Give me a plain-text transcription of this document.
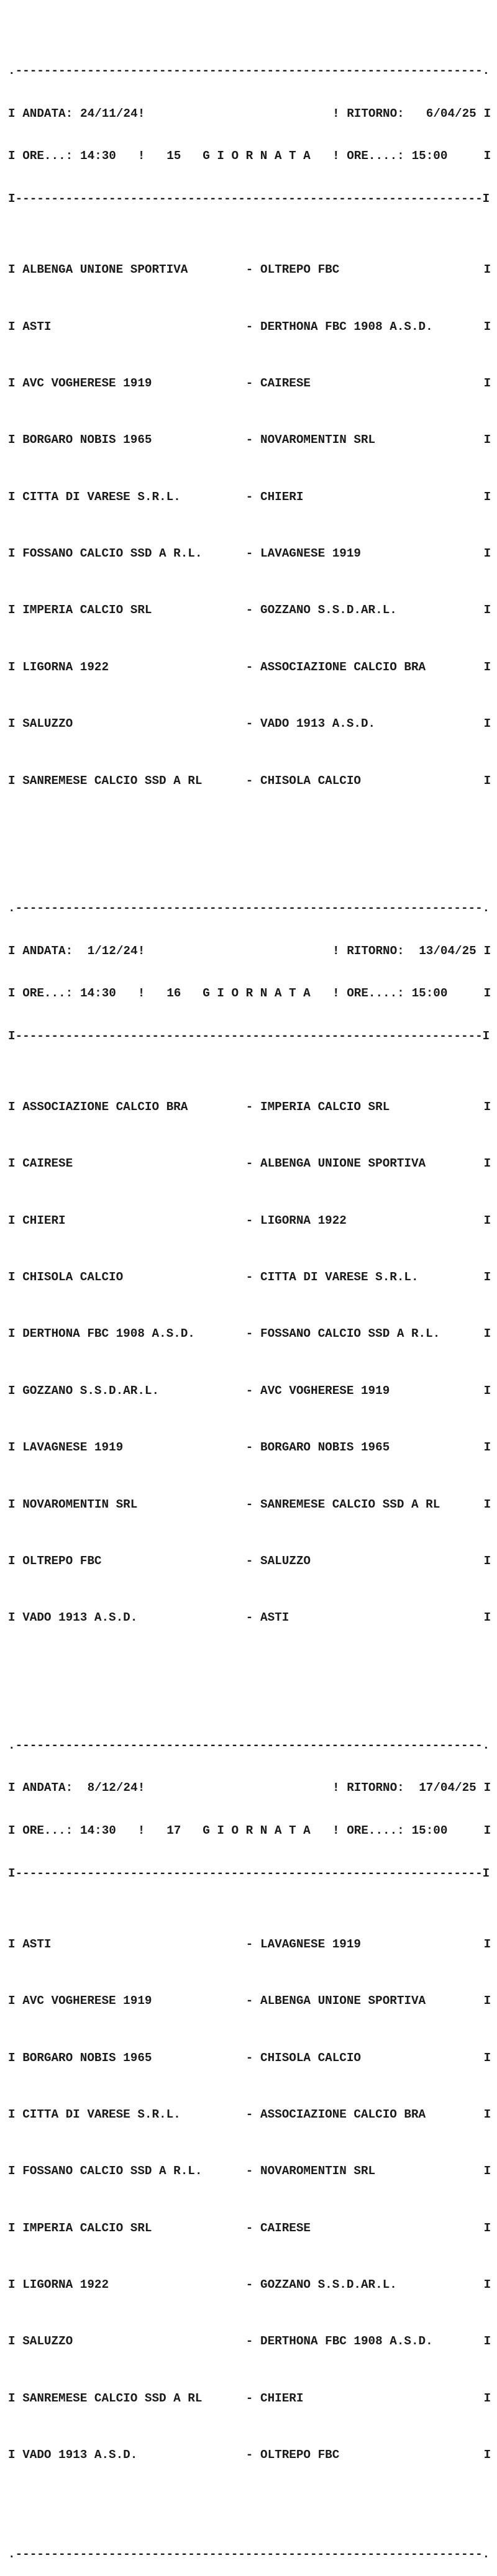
.-----------------------------------------------------------------.

I

ANDATA:

24/11/24

!

	!

RITORNO:

6/04/25

I

I

ORE...:

14:30

!

15

G I O R N A T A

!

ORE....:

15:00

	I

I-----------------------------------------------------------------I

I

ALBENGA UNIONE SPORTIVA

	-

OLTREPO FBC

	I

I

ASTI

	-

DERTHONA FBC 1908 A.S.D.

	I

I

AVC VOGHERESE 1919

	-

CAIRESE

	I

I

BORGARO NOBIS 1965

	-

NOVAROMENTIN SRL

	I

I

CITTA DI VARESE S.R.L.

	-

CHIERI

	I

I

FOSSANO CALCIO SSD A R.L.

	-

LAVAGNESE 1919

	I

I

IMPERIA CALCIO SRL

	-

GOZZANO S.S.D.AR.L.

	I

I

LIGORNA 1922

	-

ASSOCIAZIONE CALCIO BRA

	I

I

SALUZZO

	-

VADO 1913 A.S.D.

	I

I

SANREMESE CALCIO SSD A RL

	-

CHISOLA CALCIO

	I

.-----------------------------------------------------------------.

I

ANDATA:

1/12/24

!

	!

RITORNO:

13/04/25

I

I

ORE...:

14:30

!

16

G I O R N A T A

!

ORE....:

15:00

	I

I-----------------------------------------------------------------I

I

ASSOCIAZIONE CALCIO BRA

	-

IMPERIA CALCIO SRL

	I

I

CAIRESE

	-

ALBENGA UNIONE SPORTIVA

	I

I

CHIERI

	-

LIGORNA 1922

	I

I

CHISOLA CALCIO

	-

CITTA DI VARESE S.R.L.

	I

I

DERTHONA FBC 1908 A.S.D.

	-

FOSSANO CALCIO SSD A R.L.

	I

I

GOZZANO S.S.D.AR.L.

	-

AVC VOGHERESE 1919

	I

I

LAVAGNESE 1919

	-

BORGARO NOBIS 1965

	I

I

NOVAROMENTIN SRL

	-

SANREMESE CALCIO SSD A RL

	I

I

OLTREPO FBC

	-

SALUZZO

	I

I

VADO 1913 A.S.D.

	-

ASTI

	I

.-----------------------------------------------------------------.

I

ANDATA:

8/12/24

!

	!

RITORNO:

17/04/25

I

I

ORE...:

14:30

!

17

G I O R N A T A

!

ORE....:

15:00

	I

I-----------------------------------------------------------------I

I

ASTI

	-

LAVAGNESE 1919

	I

I

AVC VOGHERESE 1919

	-

ALBENGA UNIONE SPORTIVA

	I

I

BORGARO NOBIS 1965

	-

CHISOLA CALCIO

	I

I

CITTA DI VARESE S.R.L.

	-

ASSOCIAZIONE CALCIO BRA

	I

I

FOSSANO CALCIO SSD A R.L.

	-

NOVAROMENTIN SRL

	I

I

IMPERIA CALCIO SRL

	-

CAIRESE

	I

I

LIGORNA 1922

	-

GOZZANO S.S.D.AR.L.

	I

I

SALUZZO

	-

DERTHONA FBC 1908 A.S.D.

	I

I

SANREMESE CALCIO SSD A RL

	-

CHIERI

	I

I

VADO 1913 A.S.D.

	-

OLTREPO FBC

	I

.-----------------------------------------------------------------.
